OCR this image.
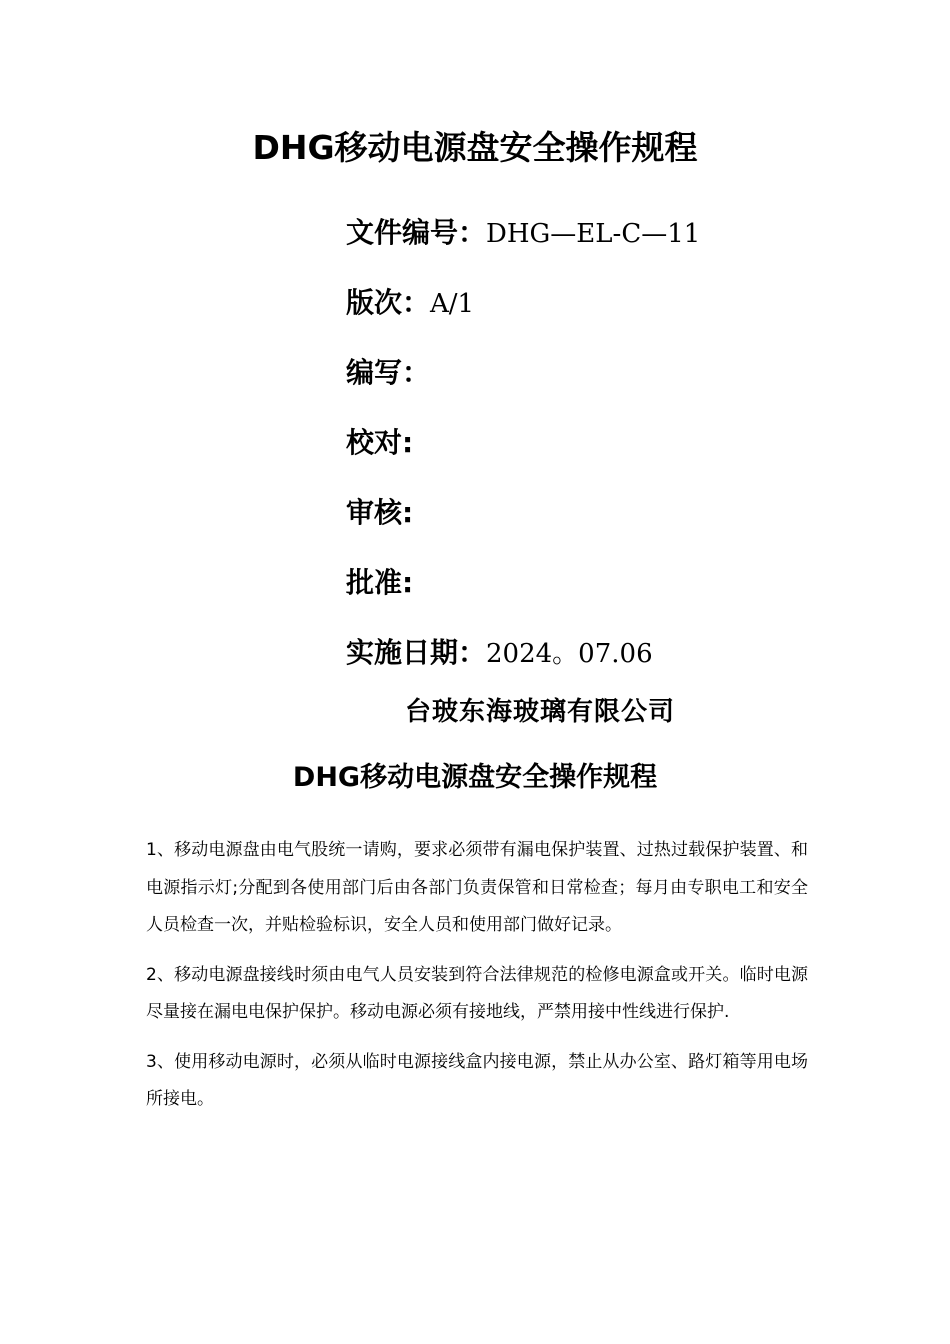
DHG移动电源盘安全操作规程
文件编号：DHG—EL-C—11
版次：A/1
编写：
校对:
审核:
批准:
实施日期：2024。07.06
台玻东海玻璃有限公司
DHG移动电源盘安全操作规程

1、移动电源盘由电气股统一请购，要求必须带有漏电保护装置、过热过载保护装置、和电源指示灯;分配到各使用部门后由各部门负责保管和日常检查；每月由专职电工和安全人员检查一次，并贴检验标识，安全人员和使用部门做好记录。

2、移动电源盘接线时须由电气人员安装到符合法律规范的检修电源盒或开关。临时电源尽量接在漏电电保护保护。移动电源必须有接地线，严禁用接中性线进行保护.

3、使用移动电源时，必须从临时电源接线盒内接电源，禁止从办公室、路灯箱等用电场所接电。
